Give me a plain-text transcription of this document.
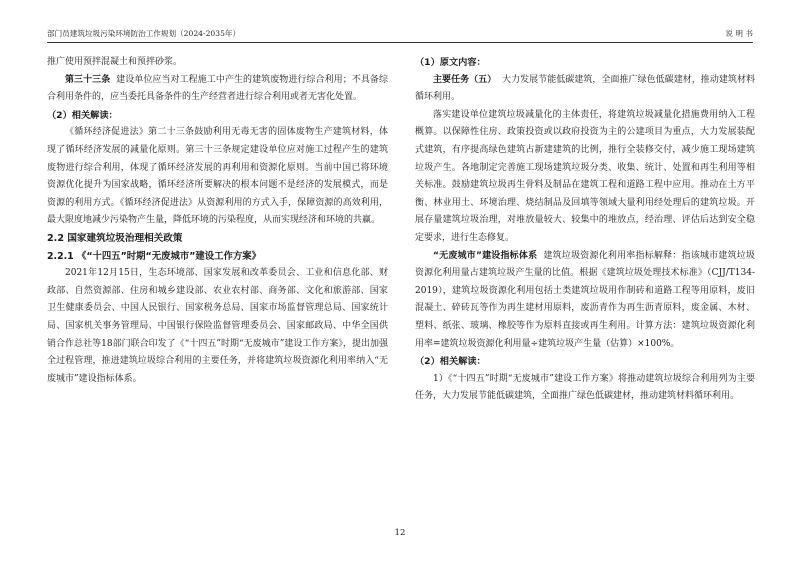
部门员建筑垃圾污染环境防治工作规划（2024-2035年）	说 明 书

推广使用预拌混凝土和预拌砂浆。

第三十三条 建设单位应当对工程施工中产生的建筑废物进行综合利用；不具备综合利用条件的，应当委托具备条件的生产经营者进行综合利用或者无害化处置。

（2）相关解读：

《循环经济促进法》第二十三条鼓励利用无毒无害的固体废物生产建筑材料，体现了循环经济发展的减量化原则。第三十三条规定建设单位应对施工过程产生的建筑废物进行综合利用，体现了循环经济发展的再利用和资源化原则。当前中国已将环境资源优化提升为国家战略，循环经济所要解决的根本问题不是经济的发展模式，而是资源的利用方式。《循环经济促进法》从资源利用的方式入手，保障资源的高效利用，最大限度地减少污染物产生量，降低环境的污染程度，从而实现经济和环境的共赢。

2.2 国家建筑垃圾治理相关政策

2.2.1 《“十四五”时期“无废城市”建设工作方案》

2021年12月15日，生态环境部、国家发展和改革委员会、工业和信息化部、财政部、自然资源部、住房和城乡建设部、农业农村部、商务部、文化和旅游部、国家卫生健康委员会、中国人民银行、国家税务总局、国家市场监督管理总局、国家统计局、国家机关事务管理局、中国银行保险监督管理委员会、国家邮政局、中华全国供销合作总社等18部门联合印发了《“十四五”时期“无废城市”建设工作方案》，提出加强全过程管理，推进建筑垃圾综合利用的主要任务，并将建筑垃圾资源化利用率纳入“无废城市”建设指标体系。

（1）原文内容：

主要任务（五） 大力发展节能低碳建筑，全面推广绿色低碳建材，推动建筑材料循环利用。

落实建设单位建筑垃圾减量化的主体责任，将建筑垃圾减量化措施费用纳入工程概算。以保障性住房、政策投资或以政府投资为主的公建项目为重点，大力发展装配式建筑，有序提高绿色建筑占新建建筑的比例，推行全装修交付，减少施工现场建筑垃圾产生。各地制定完善施工现场建筑垃圾分类、收集、统计、处置和再生利用等相关标准。鼓励建筑垃圾再生骨料及制品在建筑工程和道路工程中应用。推动在土方平衡、林业用土、环境治理、烧结制品及回填等领域大量利用经处理后的建筑垃圾。开展存量建筑垃圾治理，对堆放量较大、较集中的堆放点，经治理、评估后达到安全稳定要求，进行生态修复。

“无废城市”建设指标体系 建筑垃圾资源化利用率指标解释：指该城市建筑垃圾资源化利用量占建筑垃圾产生量的比值。根据《建筑垃圾处理技术标准》（CJJ/T134-2019），建筑垃圾资源化利用包括土类建筑垃圾用作制砖和道路工程等用原料，废旧混凝土、碎砖瓦等作为再生建材用原料，废沥青作为再生沥青原料，废金属、木材、塑料、纸张、玻璃、橡胶等作为原料直接或再生利用。计算方法：建筑垃圾资源化利用率=建筑垃圾资源化利用量÷建筑垃圾产生量（估算）×100%。

（2）相关解读：

1）《“十四五”时期“无废城市”建设工作方案》将推动建筑垃圾综合利用列为主要任务，大力发展节能低碳建筑，全面推广绿色低碳建材，推动建筑材料循环利用。

12
